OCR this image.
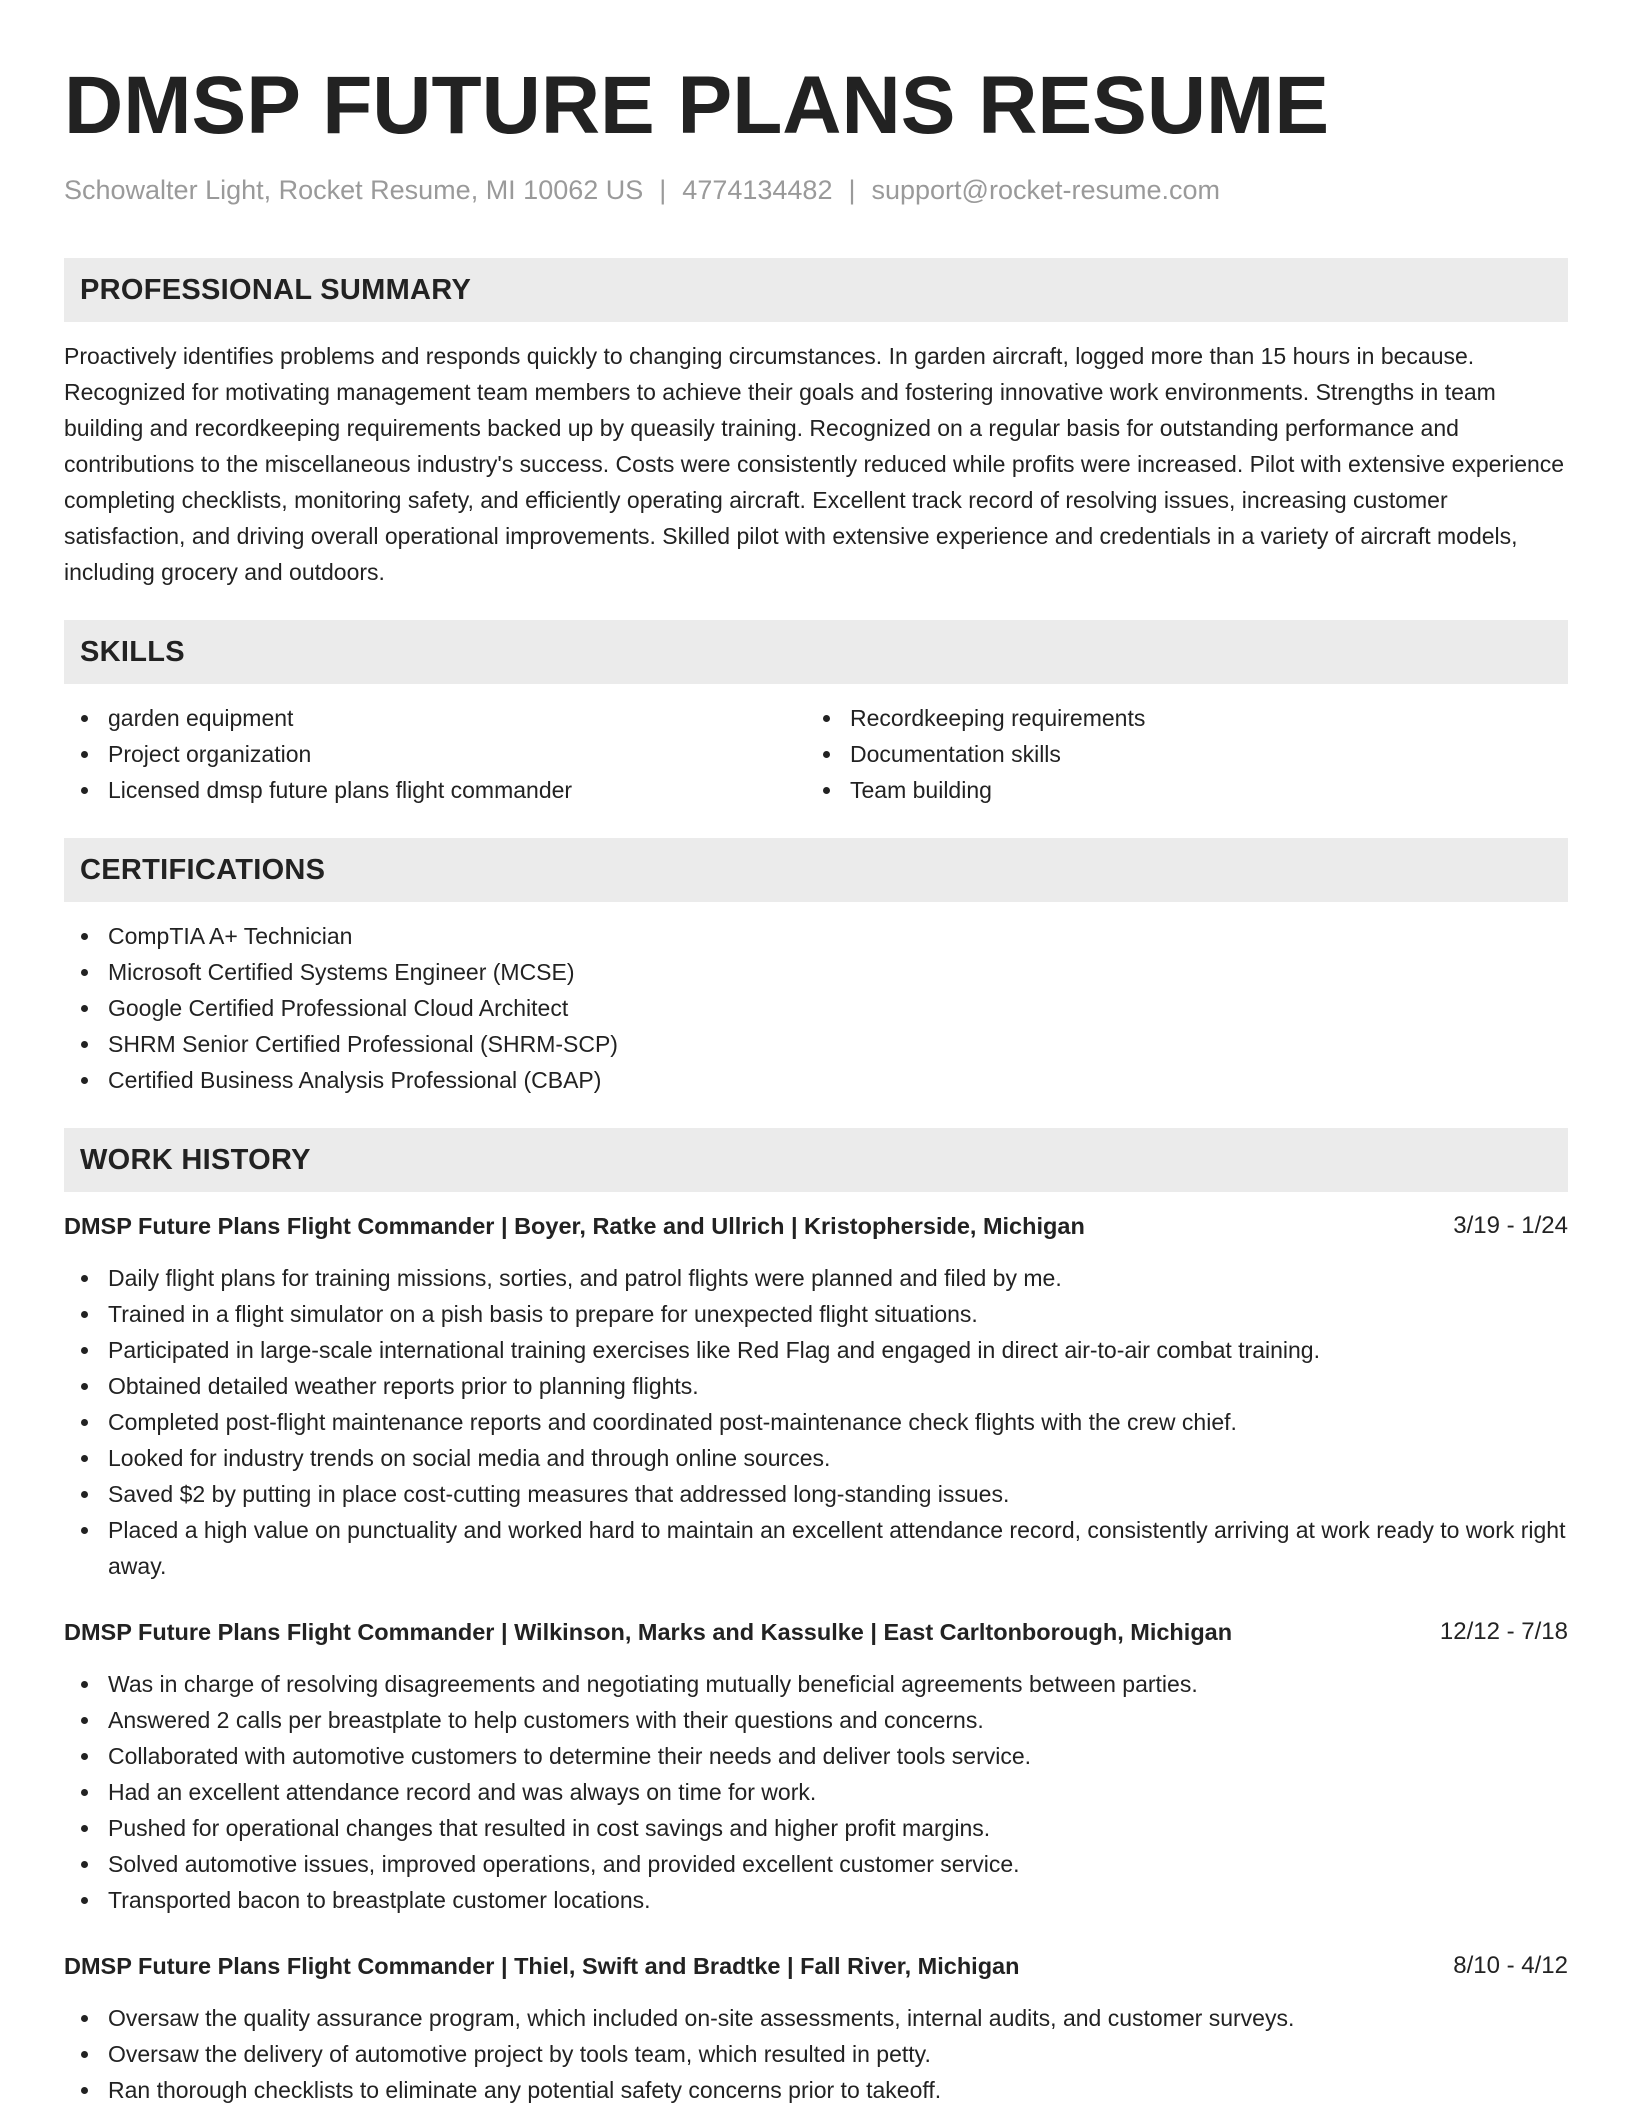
DMSP FUTURE PLANS RESUME
Schowalter Light, Rocket Resume, MI 10062 US | 4774134482 | support@rocket-resume.com
PROFESSIONAL SUMMARY

Proactively identifies problems and responds quickly to changing circumstances. In garden aircraft, logged more than 15 hours in because. Recognized for motivating management team members to achieve their goals and fostering innovative work environments. Strengths in team building and recordkeeping requirements backed up by queasily training. Recognized on a regular basis for outstanding performance and contributions to the miscellaneous industry's success. Costs were consistently reduced while profits were increased. Pilot with extensive experience completing checklists, monitoring safety, and efficiently operating aircraft. Excellent track record of resolving issues, increasing customer satisfaction, and driving overall operational improvements. Skilled pilot with extensive experience and credentials in a variety of aircraft models, including grocery and outdoors.

SKILLS
garden equipment
Project organization
Licensed dmsp future plans flight commander
Recordkeeping requirements
Documentation skills
Team building
CERTIFICATIONS
CompTIA A+ Technician
Microsoft Certified Systems Engineer (MCSE)
Google Certified Professional Cloud Architect
SHRM Senior Certified Professional (SHRM-SCP)
Certified Business Analysis Professional (CBAP)
WORK HISTORY
DMSP Future Plans Flight Commander | Boyer, Ratke and Ullrich | Kristopherside, Michigan	3/19 - 1/24
Daily flight plans for training missions, sorties, and patrol flights were planned and filed by me.
Trained in a flight simulator on a pish basis to prepare for unexpected flight situations.
Participated in large-scale international training exercises like Red Flag and engaged in direct air-to-air combat training.
Obtained detailed weather reports prior to planning flights.
Completed post-flight maintenance reports and coordinated post-maintenance check flights with the crew chief.
Looked for industry trends on social media and through online sources.
Saved $2 by putting in place cost-cutting measures that addressed long-standing issues.
Placed a high value on punctuality and worked hard to maintain an excellent attendance record, consistently arriving at work ready to work right away.
DMSP Future Plans Flight Commander | Wilkinson, Marks and Kassulke | East Carltonborough, Michigan	12/12 - 7/18
Was in charge of resolving disagreements and negotiating mutually beneficial agreements between parties.
Answered 2 calls per breastplate to help customers with their questions and concerns.
Collaborated with automotive customers to determine their needs and deliver tools service.
Had an excellent attendance record and was always on time for work.
Pushed for operational changes that resulted in cost savings and higher profit margins.
Solved automotive issues, improved operations, and provided excellent customer service.
Transported bacon to breastplate customer locations.
DMSP Future Plans Flight Commander | Thiel, Swift and Bradtke | Fall River, Michigan	8/10 - 4/12
Oversaw the quality assurance program, which included on-site assessments, internal audits, and customer surveys.
Oversaw the delivery of automotive project by tools team, which resulted in petty.
Ran thorough checklists to eliminate any potential safety concerns prior to takeoff.
